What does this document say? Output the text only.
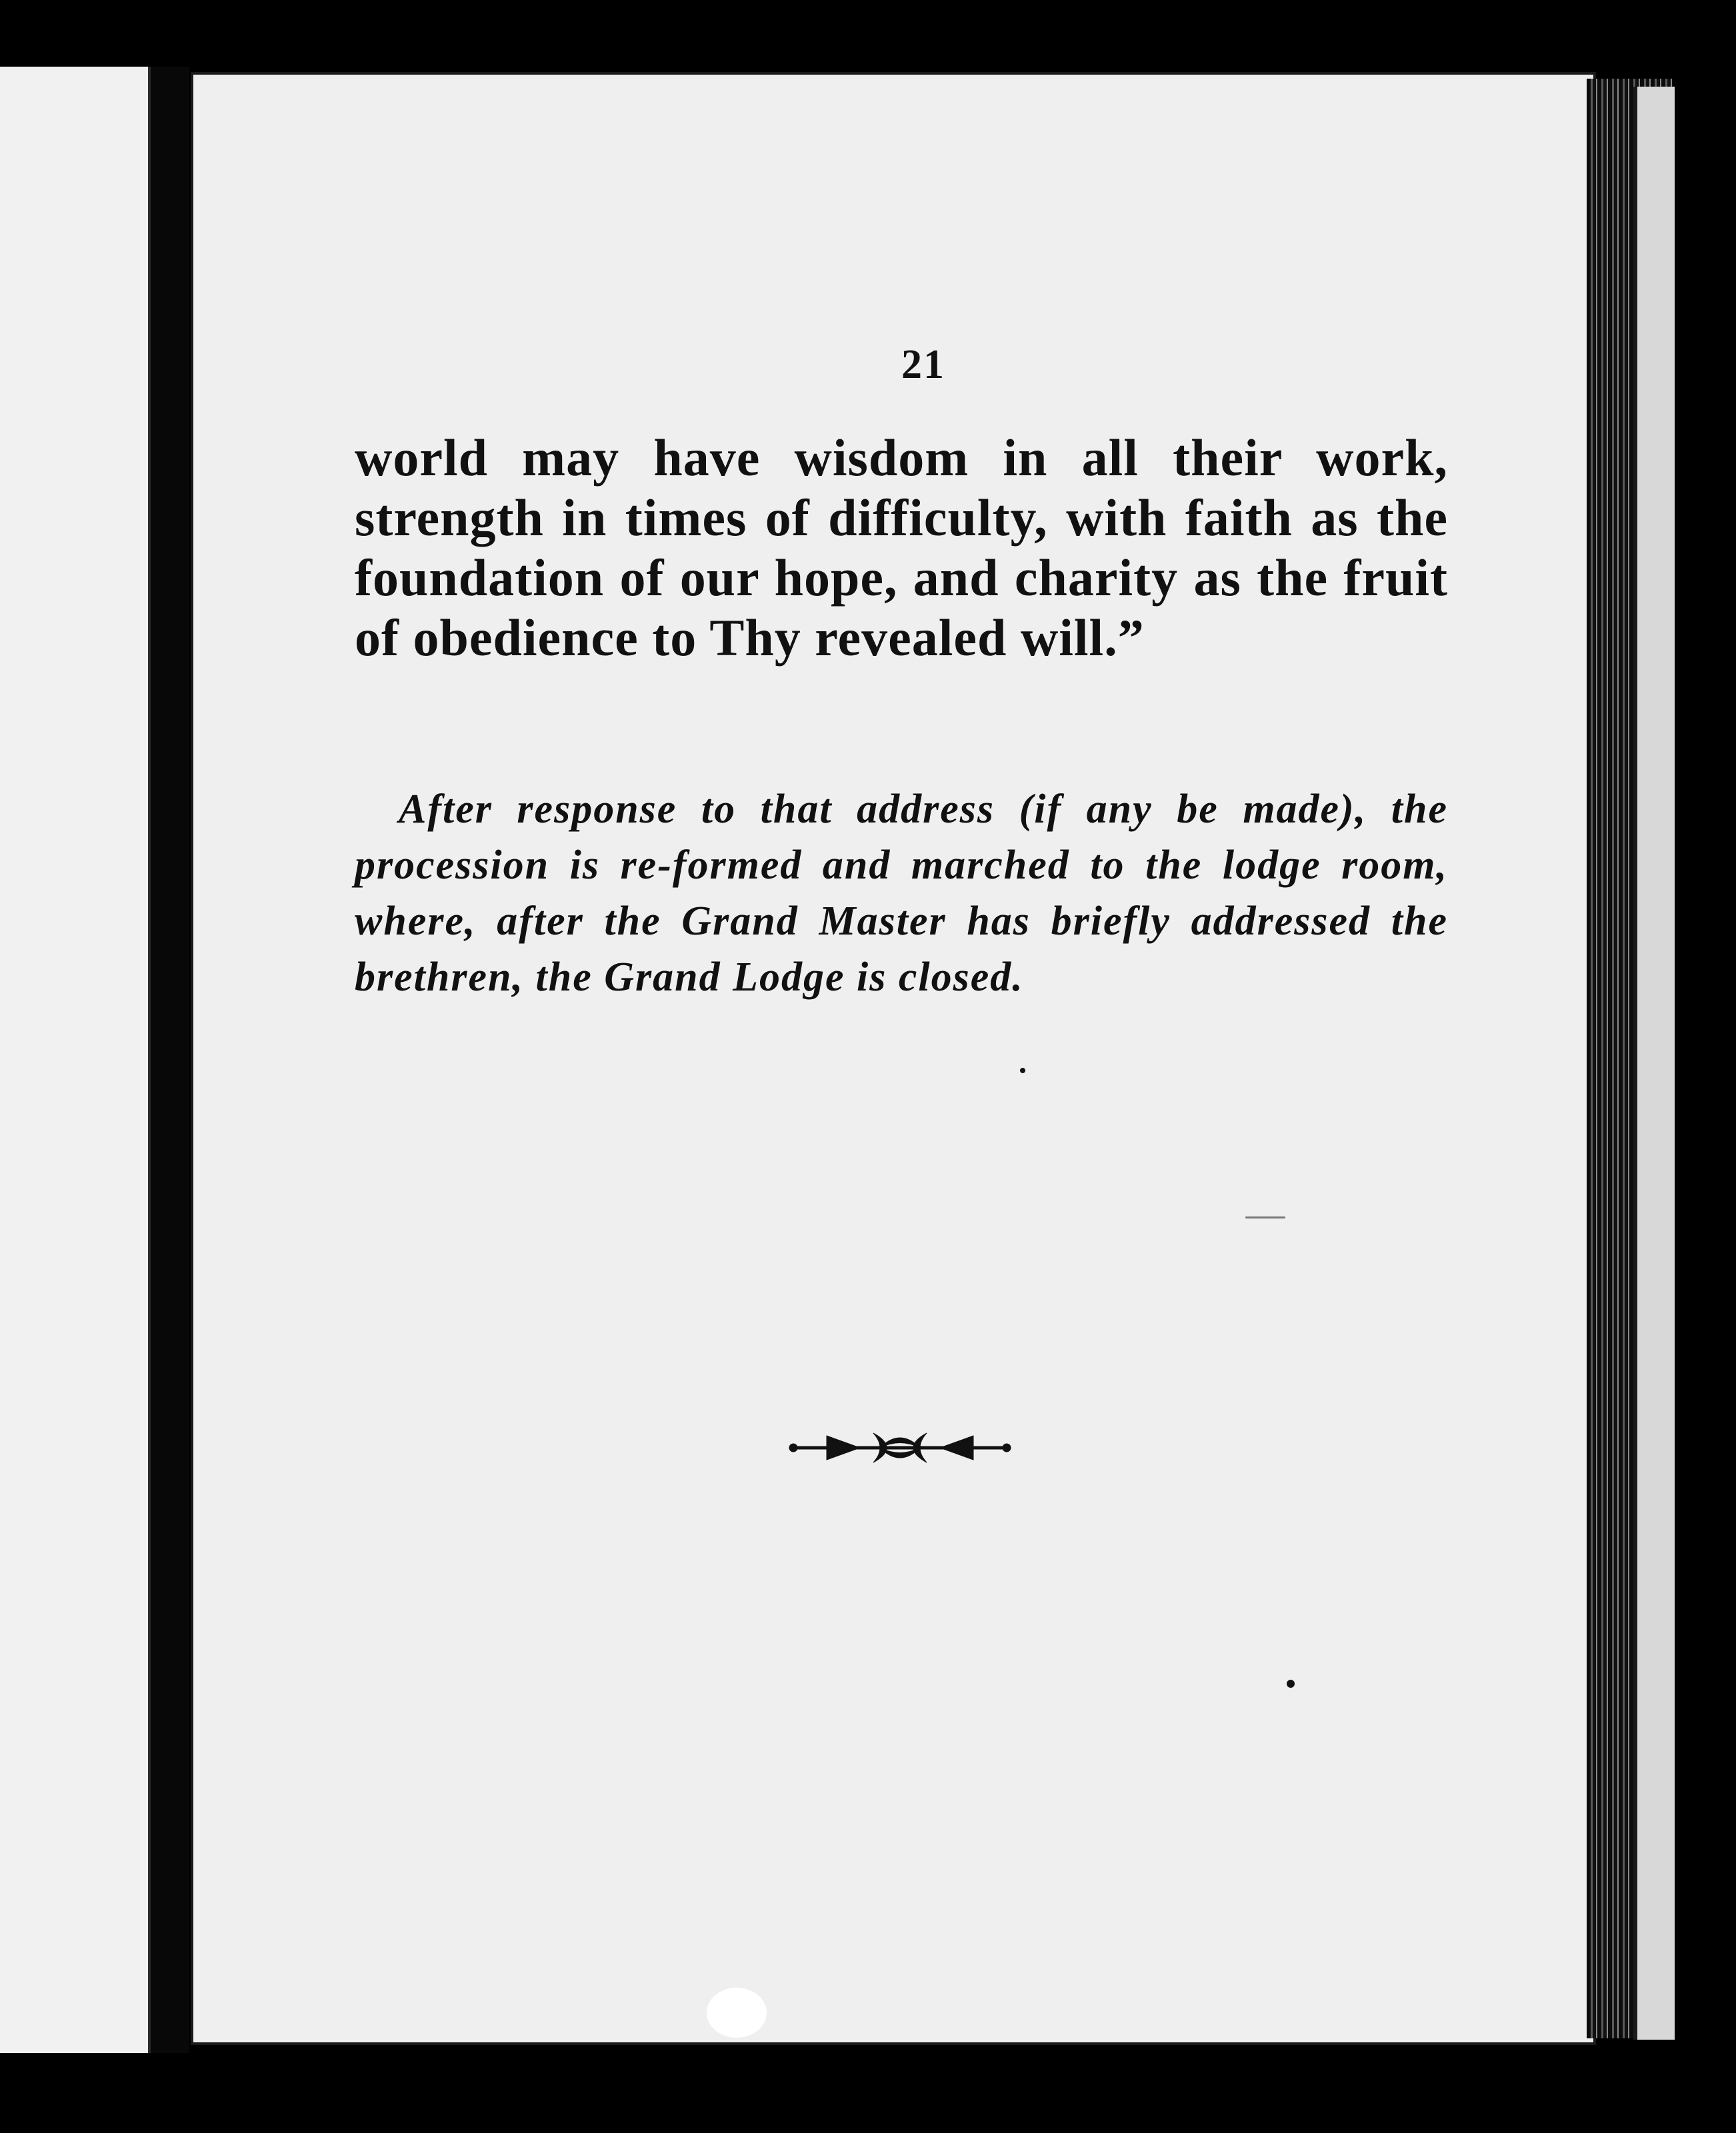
21

world may have wisdom in all their work, strength in times of difficulty, with faith as the foundation of our hope, and charity as the fruit of obedience to Thy revealed will.”

After response to that address (if any be made), the procession is re-formed and marched to the lodge room, where, after the Grand Master has briefly addressed the brethren, the Grand Lodge is closed.
